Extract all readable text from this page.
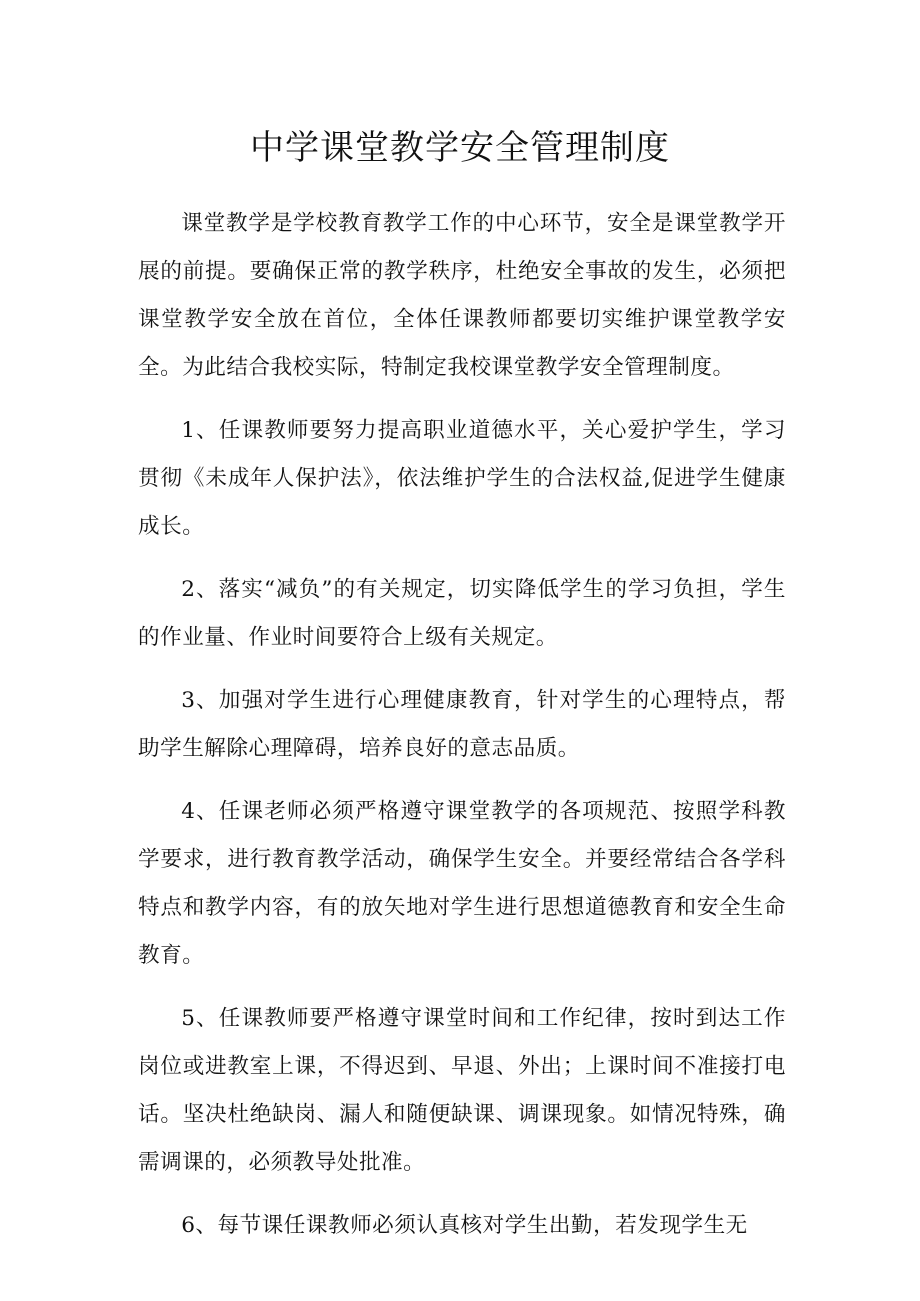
中学课堂教学安全管理制度

课堂教学是学校教育教学工作的中心环节，安全是课堂教学开展的前提。要确保正常的教学秩序，杜绝安全事故的发生，必须把课堂教学安全放在首位，全体任课教师都要切实维护课堂教学安全。为此结合我校实际，特制定我校课堂教学安全管理制度。

1、任课教师要努力提高职业道德水平，关心爱护学生，学习贯彻《未成年人保护法》，依法维护学生的合法权益,促进学生健康成长。

2、落实“减负”的有关规定，切实降低学生的学习负担，学生的作业量、作业时间要符合上级有关规定。

3、加强对学生进行心理健康教育，针对学生的心理特点，帮助学生解除心理障碍，培养良好的意志品质。

4、任课老师必须严格遵守课堂教学的各项规范、按照学科教学要求，进行教育教学活动，确保学生安全。并要经常结合各学科特点和教学内容，有的放矢地对学生进行思想道德教育和安全生命教育。

5、任课教师要严格遵守课堂时间和工作纪律，按时到达工作岗位或进教室上课，不得迟到、早退、外出；上课时间不准接打电话。坚决杜绝缺岗、漏人和随便缺课、调课现象。如情况特殊，确需调课的，必须教导处批准。

6、每节课任课教师必须认真核对学生出勤，若发现学生无
